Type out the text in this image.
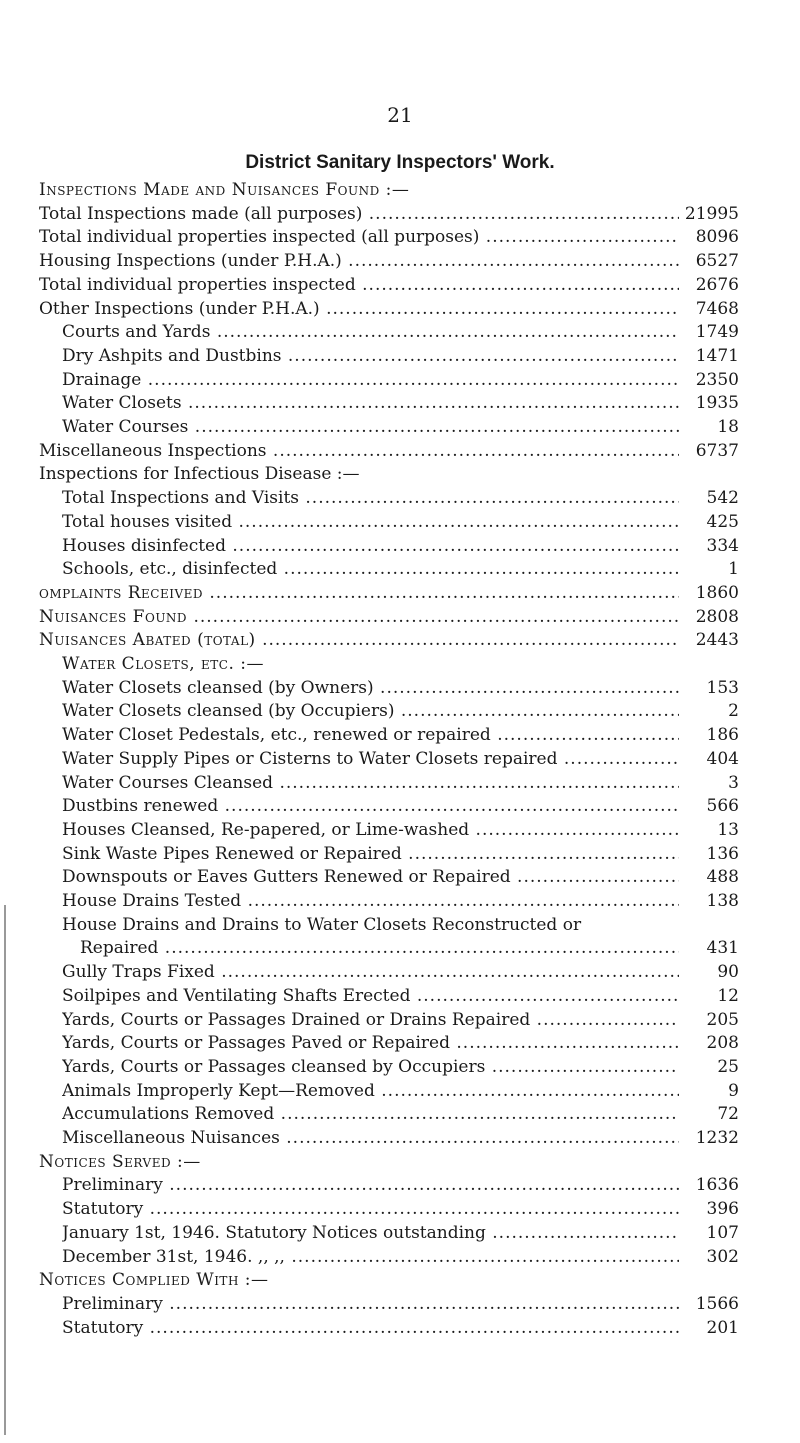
21
District Sanitary Inspectors' Work.
Inspections Made and Nuisances Found :—
Total Inspections made (all purposes) .....	21995
Total individual properties inspected (all purposes) .....	8096
Housing Inspections (under P.H.A.) .....	6527
Total individual properties inspected .....	2676
Other Inspections (under P.H.A.) .....	7468
Courts and Yards .....	1749
Dry Ashpits and Dustbins .....	1471
Drainage .....	2350
Water Closets .....	1935
Water Courses .....	18
Miscellaneous Inspections .....	6737
Inspections for Infectious Disease :—
Total Inspections and Visits .....	542
Total houses visited .....	425
Houses disinfected .....	334
Schools, etc., disinfected .....	1
omplaints Received .....	1860
Nuisances Found .....	2808
Nuisances Abated (total) .....	2443
Water Closets, etc. :—
Water Closets cleansed (by Owners) .....	153
Water Closets cleansed (by Occupiers) .....	2
Water Closet Pedestals, etc., renewed or repaired .....	186
Water Supply Pipes or Cisterns to Water Closets repaired .....	404
Water Courses Cleansed .....	3
Dustbins renewed .....	566
Houses Cleansed, Re-papered, or Lime-washed .....	13
Sink Waste Pipes Renewed or Repaired .....	136
Downspouts or Eaves Gutters Renewed or Repaired .....	488
House Drains Tested .....	138
House Drains and Drains to Water Closets Reconstructed or
Repaired .....	431
Gully Traps Fixed .....	90
Soilpipes and Ventilating Shafts Erected .....	12
Yards, Courts or Passages Drained or Drains Repaired .....	205
Yards, Courts or Passages Paved or Repaired .....	208
Yards, Courts or Passages cleansed by Occupiers .....	25
Animals Improperly Kept—Removed .....	9
Accumulations Removed .....	72
Miscellaneous Nuisances .....	1232
Notices Served :—
Preliminary .....	1636
Statutory .....	396
January 1st, 1946. Statutory Notices outstanding .....	107
December 31st, 1946. ,, ,, .....	302
Notices Complied With :—
Preliminary .....	1566
Statutory .....	201
